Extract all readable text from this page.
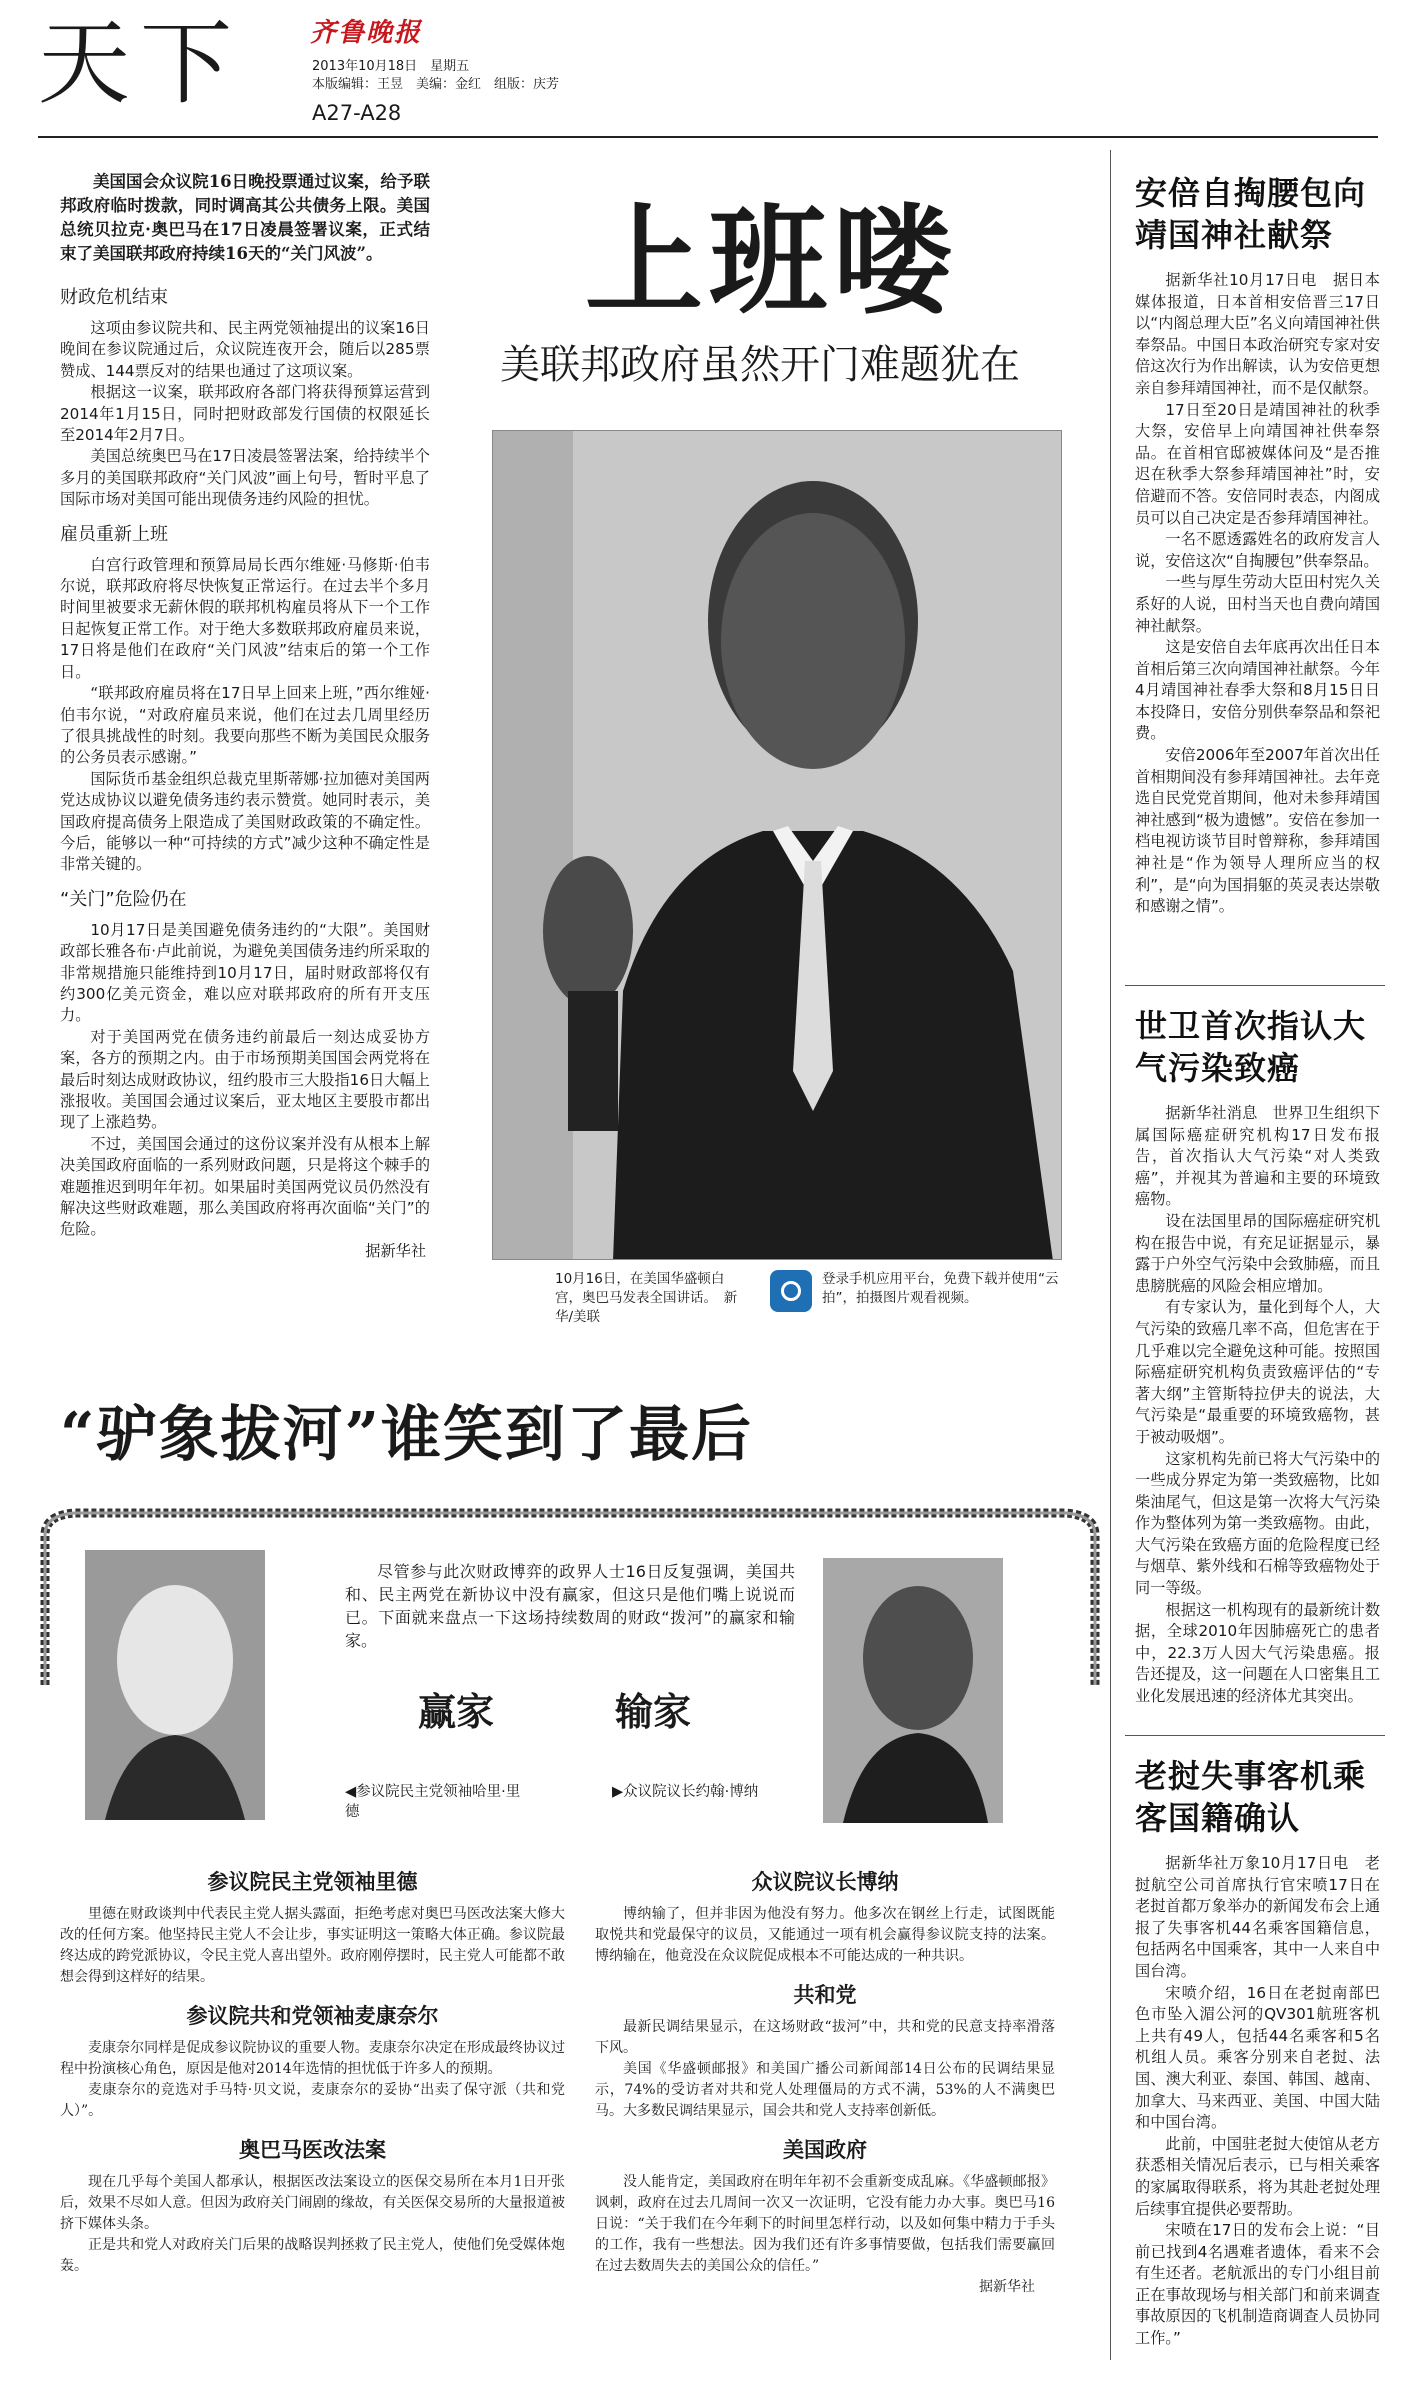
天下	齐鲁晚报
2013年10月18日　星期五
本版编辑：王昱　美编：金红　组版：庆芳
A27-A28

美国国会众议院16日晚投票通过议案，给予联邦政府临时拨款，同时调高其公共债务上限。美国总统贝拉克·奥巴马在17日凌晨签署议案，正式结束了美国联邦政府持续16天的“关门风波”。

财政危机结束

这项由参议院共和、民主两党领袖提出的议案16日晚间在参议院通过后，众议院连夜开会，随后以285票赞成、144票反对的结果也通过了这项议案。

根据这一议案，联邦政府各部门将获得预算运营到2014年1月15日，同时把财政部发行国债的权限延长至2014年2月7日。

美国总统奥巴马在17日凌晨签署法案，给持续半个多月的美国联邦政府“关门风波”画上句号，暂时平息了国际市场对美国可能出现债务违约风险的担忧。

雇员重新上班

白宫行政管理和预算局局长西尔维娅·马修斯·伯韦尔说，联邦政府将尽快恢复正常运行。在过去半个多月时间里被要求无薪休假的联邦机构雇员将从下一个工作日起恢复正常工作。对于绝大多数联邦政府雇员来说，17日将是他们在政府“关门风波”结束后的第一个工作日。

“联邦政府雇员将在17日早上回来上班，”西尔维娅·伯韦尔说，“对政府雇员来说，他们在过去几周里经历了很具挑战性的时刻。我要向那些不断为美国民众服务的公务员表示感谢。”

国际货币基金组织总裁克里斯蒂娜·拉加德对美国两党达成协议以避免债务违约表示赞赏。她同时表示，美国政府提高债务上限造成了美国财政政策的不确定性。今后，能够以一种“可持续的方式”减少这种不确定性是非常关键的。

“关门”危险仍在

10月17日是美国避免债务违约的“大限”。美国财政部长雅各布·卢此前说，为避免美国债务违约所采取的非常规措施只能维持到10月17日，届时财政部将仅有约300亿美元资金，难以应对联邦政府的所有开支压力。

对于美国两党在债务违约前最后一刻达成妥协方案，各方的预期之内。由于市场预期美国国会两党将在最后时刻达成财政协议，纽约股市三大股指16日大幅上涨报收。美国国会通过议案后，亚太地区主要股市都出现了上涨趋势。

不过，美国国会通过的这份议案并没有从根本上解决美国政府面临的一系列财政问题，只是将这个棘手的难题推迟到明年年初。如果届时美国两党议员仍然没有解决这些财政难题，那么美国政府将再次面临“关门”的危险。

据新华社
上班喽
美联邦政府虽然开门难题犹在
10月16日，在美国华盛顿白宫，奥巴马发表全国讲话。　新华/美联
登录手机应用平台，免费下载并使用“云拍”，拍摄图片观看视频。
“驴象拔河”谁笑到了最后
尽管参与此次财政博弈的政界人士16日反复强调，美国共和、民主两党在新协议中没有赢家，但这只是他们嘴上说说而已。下面就来盘点一下这场持续数周的财政“拨河”的赢家和输家。
赢家	输家
◀参议院民主党领袖哈里·里德
▶众议院议长约翰·博纳
参议院民主党领袖里德

里德在财政谈判中代表民主党人据头露面，拒绝考虑对奥巴马医改法案大修大改的任何方案。他坚持民主党人不会让步，事实证明这一策略大体正确。参议院最终达成的跨党派协议，令民主党人喜出望外。政府刚停摆时，民主党人可能都不敢想会得到这样好的结果。

参议院共和党领袖麦康奈尔

麦康奈尔同样是促成参议院协议的重要人物。麦康奈尔决定在形成最终协议过程中扮演核心角色，原因是他对2014年选情的担忧低于许多人的预期。

麦康奈尔的竞选对手马特·贝文说，麦康奈尔的妥协“出卖了保守派（共和党人）”。

奥巴马医改法案

现在几乎每个美国人都承认，根据医改法案设立的医保交易所在本月1日开张后，效果不尽如人意。但因为政府关门闹剧的缘故，有关医保交易所的大量报道被挤下媒体头条。

正是共和党人对政府关门后果的战略误判拯救了民主党人，使他们免受媒体炮轰。

众议院议长博纳

博纳输了，但并非因为他没有努力。他多次在钢丝上行走，试图既能取悦共和党最保守的议员，又能通过一项有机会赢得参议院支持的法案。博纳输在，他竟没在众议院促成根本不可能达成的一种共识。

共和党

最新民调结果显示，在这场财政“拔河”中，共和党的民意支持率滑落下风。

美国《华盛顿邮报》和美国广播公司新闻部14日公布的民调结果显示，74%的受访者对共和党人处理僵局的方式不满，53%的人不满奥巴马。大多数民调结果显示，国会共和党人支持率创新低。

美国政府

没人能肯定，美国政府在明年年初不会重新变成乱麻。《华盛顿邮报》讽刺，政府在过去几周间一次又一次证明，它没有能力办大事。奥巴马16日说：“关于我们在今年剩下的时间里怎样行动，以及如何集中精力于手头的工作，我有一些想法。因为我们还有许多事情要做，包括我们需要赢回在过去数周失去的美国公众的信任。”

据新华社
安倍自掏腰包向靖国神社献祭

据新华社10月17日电　据日本媒体报道，日本首相安倍晋三17日以“内阁总理大臣”名义向靖国神社供奉祭品。中国日本政治研究专家对安倍这次行为作出解读，认为安倍更想亲自参拜靖国神社，而不是仅献祭。

17日至20日是靖国神社的秋季大祭，安倍早上向靖国神社供奉祭品。在首相官邸被媒体问及“是否推迟在秋季大祭参拜靖国神社”时，安倍避而不答。安倍同时表态，内阁成员可以自己决定是否参拜靖国神社。

一名不愿透露姓名的政府发言人说，安倍这次“自掏腰包”供奉祭品。

一些与厚生劳动大臣田村宪久关系好的人说，田村当天也自费向靖国神社献祭。

这是安倍自去年底再次出任日本首相后第三次向靖国神社献祭。今年4月靖国神社春季大祭和8月15日日本投降日，安倍分别供奉祭品和祭祀费。

安倍2006年至2007年首次出任首相期间没有参拜靖国神社。去年竞选自民党党首期间，他对未参拜靖国神社感到“极为遗憾”。安倍在参加一档电视访谈节目时曾辩称，参拜靖国神社是“作为领导人理所应当的权利”，是“向为国捐躯的英灵表达崇敬和感谢之情”。

世卫首次指认大气污染致癌

据新华社消息　世界卫生组织下属国际癌症研究机构17日发布报告，首次指认大气污染“对人类致癌”，并视其为普遍和主要的环境致癌物。

设在法国里昂的国际癌症研究机构在报告中说，有充足证据显示，暴露于户外空气污染中会致肺癌，而且患膀胱癌的风险会相应增加。

有专家认为，量化到每个人，大气污染的致癌几率不高，但危害在于几乎难以完全避免这种可能。按照国际癌症研究机构负责致癌评估的“专著大纲”主管斯特拉伊夫的说法，大气污染是“最重要的环境致癌物，甚于被动吸烟”。

这家机构先前已将大气污染中的一些成分界定为第一类致癌物，比如柴油尾气，但这是第一次将大气污染作为整体列为第一类致癌物。由此，大气污染在致癌方面的危险程度已经与烟草、紫外线和石棉等致癌物处于同一等级。

根据这一机构现有的最新统计数据，全球2010年因肺癌死亡的患者中，22.3万人因大气污染患癌。报告还提及，这一问题在人口密集且工业化发展迅速的经济体尤其突出。

老挝失事客机乘客国籍确认

据新华社万象10月17日电　老挝航空公司首席执行官宋喷17日在老挝首都万象举办的新闻发布会上通报了失事客机44名乘客国籍信息，包括两名中国乘客，其中一人来自中国台湾。

宋喷介绍，16日在老挝南部巴色市坠入湄公河的QV301航班客机上共有49人，包括44名乘客和5名机组人员。乘客分别来自老挝、法国、澳大利亚、泰国、韩国、越南、加拿大、马来西亚、美国、中国大陆和中国台湾。

此前，中国驻老挝大使馆从老方获悉相关情况后表示，已与相关乘客的家属取得联系，将为其赴老挝处理后续事宜提供必要帮助。

宋喷在17日的发布会上说：“目前已找到4名遇难者遗体，看来不会有生还者。老航派出的专门小组目前正在事故现场与相关部门和前来调查事故原因的飞机制造商调查人员协同工作。”
